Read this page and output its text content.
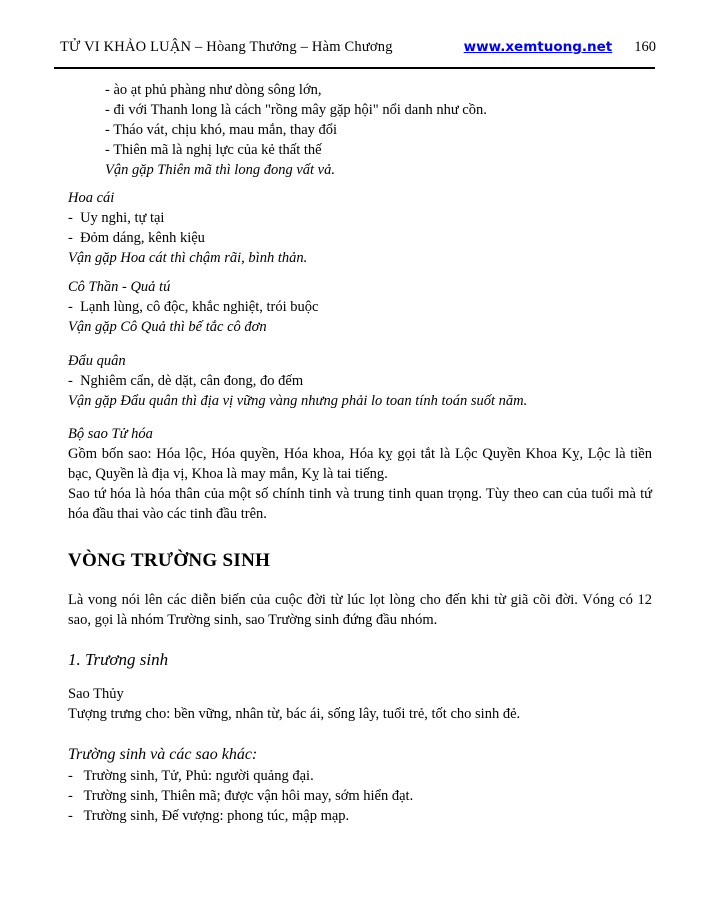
TỬ VI KHẢO LUẬN – Hòang Thưởng – Hàm Chương	www.xemtuong.net 160
- ào ạt phủ phàng như dòng sông lớn,
- đi với Thanh long là cách "rồng mây gặp hội" nổi danh như cồn.
- Tháo vát, chịu khó, mau mắn, thay đổi
- Thiên mã là nghị lực của kẻ thất thế
Vận gặp Thiên mã thì long đong vất vả.
Hoa cái
-  Uy nghi, tự tại
-  Đỏm dáng, kênh kiệu
Vận gặp Hoa cát thì chậm rãi, bình thản.
Cô Thần - Quả tú
-  Lạnh lùng, cô độc, khắc nghiệt, trói buộc
Vận gặp Cô Quả thì bế tắc cô đơn
Đẩu quân
-  Nghiêm cẩn, dè dặt, cân đong, đo đếm
Vận gặp Đẩu quân thì địa vị vững vàng nhưng phải lo toan tính toán suốt năm.
Bộ sao Tử hóa
Gồm bốn sao: Hóa lộc, Hóa quyền, Hóa khoa, Hóa kỵ gọi tắt là Lộc Quyền Khoa Kỵ, Lộc là tiền bạc, Quyền là địa vị, Khoa là may mắn, Kỵ là tai tiếng.
Sao tứ hóa là hóa thân của một số chính tinh và trung tinh quan trọng. Tùy theo can của tuổi mà tứ hóa đầu thai vào các tinh đầu trên.
VÒNG TRƯỜNG SINH
Là vong nói lên các diễn biến của cuộc đời từ lúc lọt lòng cho đến khi từ giã cõi đời. Vóng có 12 sao, gọi là nhóm Trường sinh, sao Trường sinh đứng đầu nhóm.
1. Trương sinh
Sao Thủy
Tượng trưng cho: bền vững, nhân từ, bác ái, sống lây, tuổi trẻ, tốt cho sinh đẻ.
Trường sinh và các sao khác:
-   Trường sinh, Tử, Phủ: người quảng đại.
-   Trường sinh, Thiên mã; được vận hôi may, sớm hiển đạt.
-   Trường sinh, Đế vượng: phong túc, mập mạp.
